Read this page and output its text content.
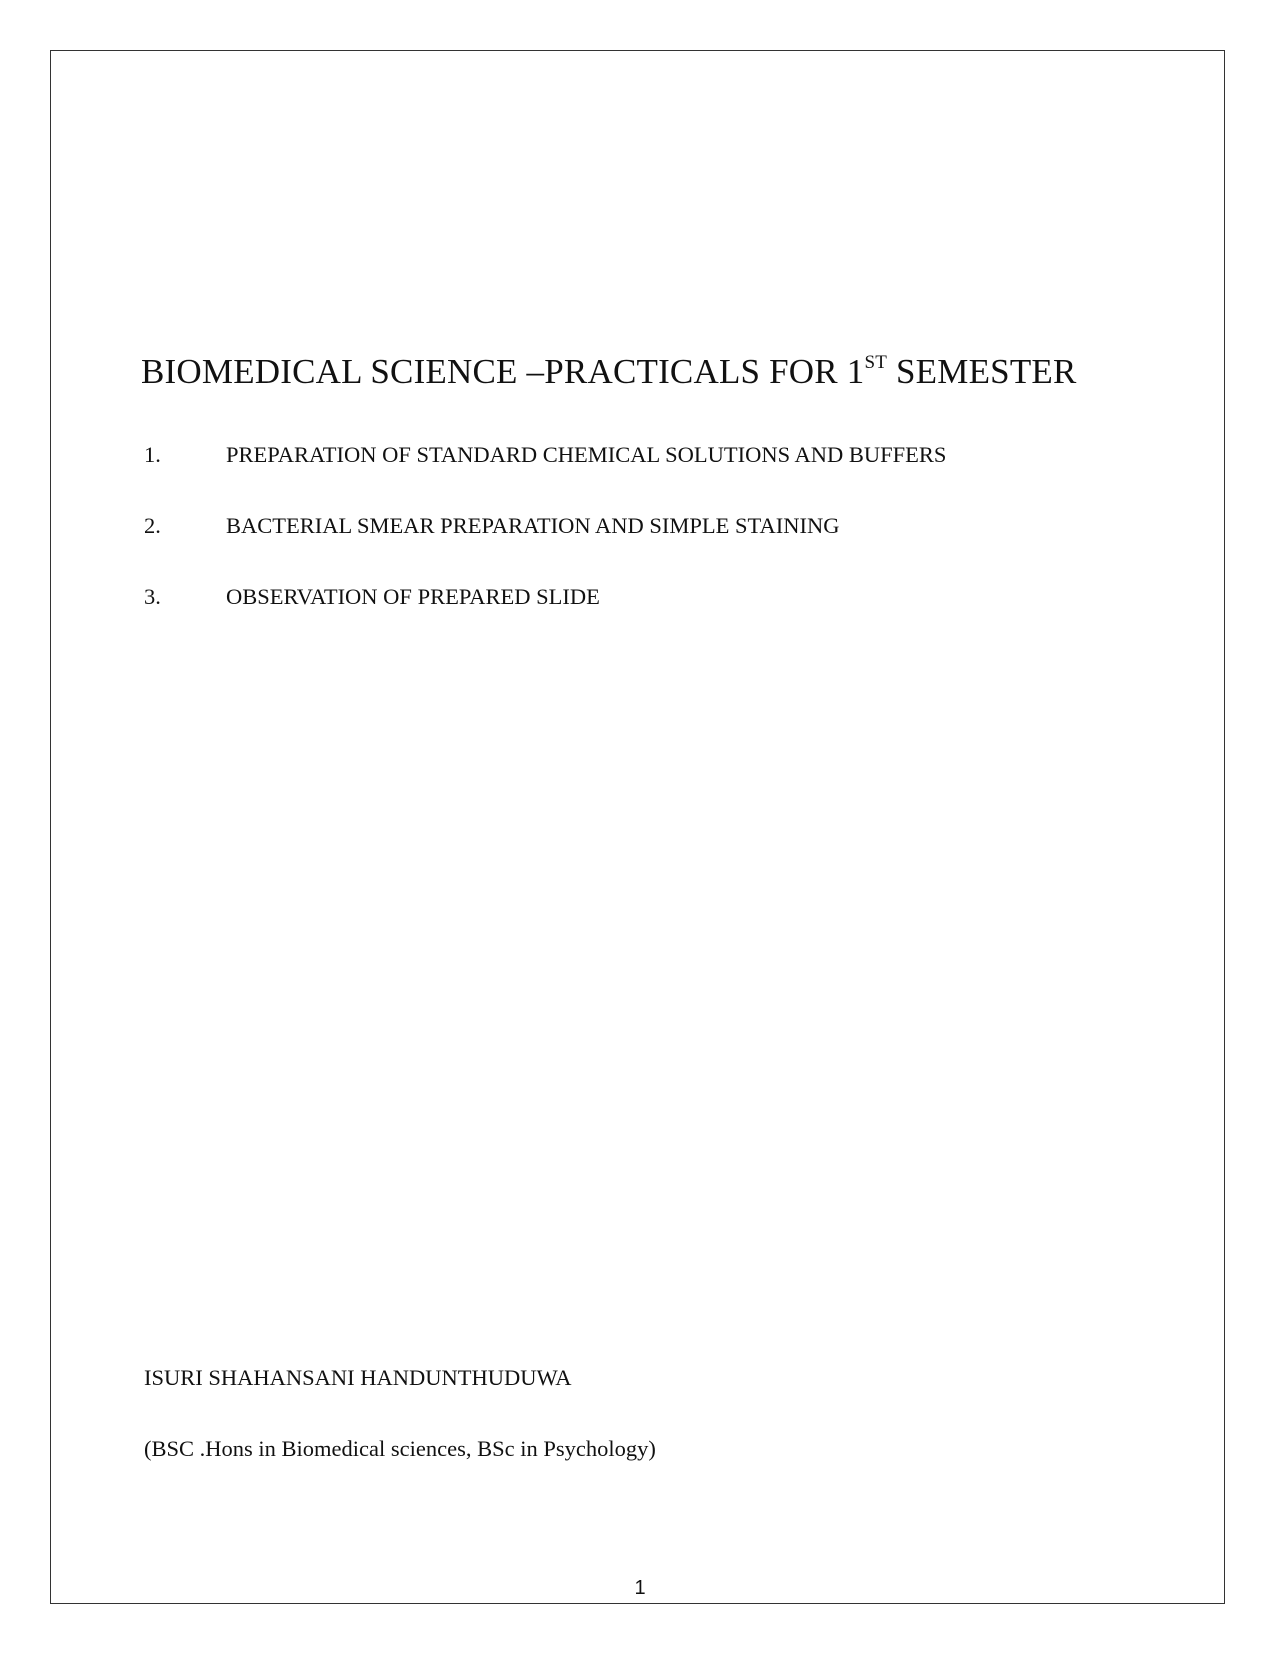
BIOMEDICAL SCIENCE –PRACTICALS FOR 1ST SEMESTER
1.	PREPARATION OF STANDARD CHEMICAL SOLUTIONS AND BUFFERS
2.	BACTERIAL SMEAR PREPARATION AND SIMPLE STAINING
3.	OBSERVATION OF PREPARED SLIDE
ISURI SHAHANSANI HANDUNTHUDUWA
(BSC .Hons in Biomedical sciences, BSc in Psychology)
1
